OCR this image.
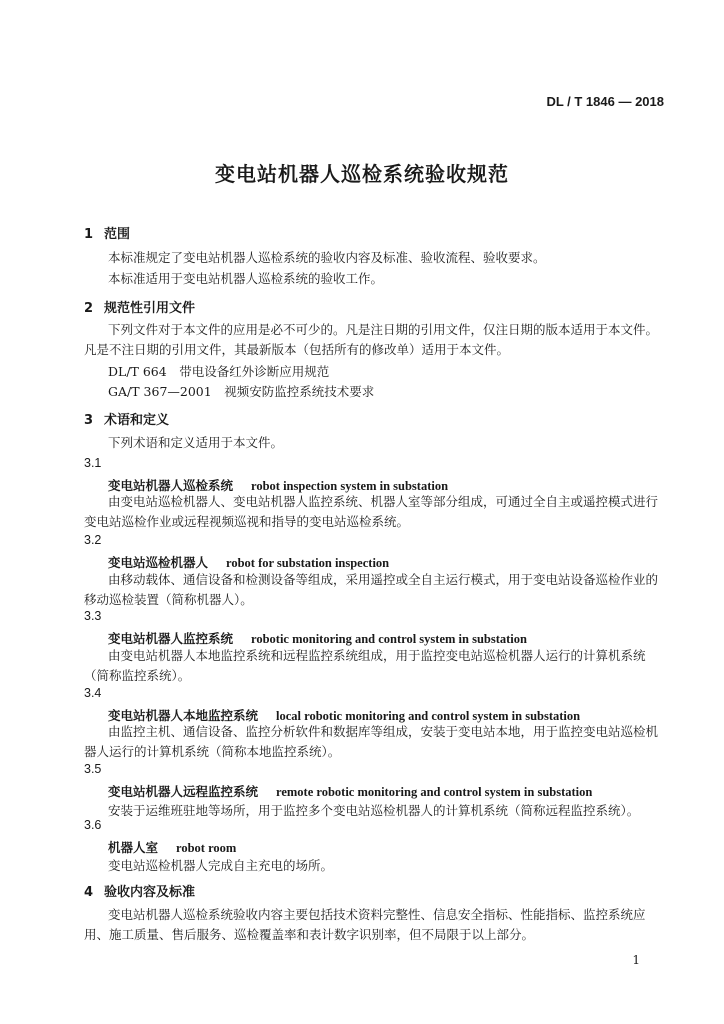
DL / T 1846 — 2018
变电站机器人巡检系统验收规范
1 范围
本标准规定了变电站机器人巡检系统的验收内容及标准、验收流程、验收要求。
本标准适用于变电站机器人巡检系统的验收工作。
2 规范性引用文件
下列文件对于本文件的应用是必不可少的。凡是注日期的引用文件，仅注日期的版本适用于本文件。凡是不注日期的引用文件，其最新版本（包括所有的修改单）适用于本文件。
DL/T 664　带电设备红外诊断应用规范
GA/T 367—2001　视频安防监控系统技术要求
3 术语和定义
下列术语和定义适用于本文件。
3.1
变电站机器人巡检系统 robot inspection system in substation
由变电站巡检机器人、变电站机器人监控系统、机器人室等部分组成，可通过全自主或遥控模式进行变电站巡检作业或远程视频巡视和指导的变电站巡检系统。
3.2
变电站巡检机器人 robot for substation inspection
由移动载体、通信设备和检测设备等组成，采用遥控或全自主运行模式，用于变电站设备巡检作业的移动巡检装置（简称机器人）。
3.3
变电站机器人监控系统 robotic monitoring and control system in substation
由变电站机器人本地监控系统和远程监控系统组成，用于监控变电站巡检机器人运行的计算机系统（简称监控系统）。
3.4
变电站机器人本地监控系统 local robotic monitoring and control system in substation
由监控主机、通信设备、监控分析软件和数据库等组成，安装于变电站本地，用于监控变电站巡检机器人运行的计算机系统（简称本地监控系统）。
3.5
变电站机器人远程监控系统 remote robotic monitoring and control system in substation
安装于运维班驻地等场所，用于监控多个变电站巡检机器人的计算机系统（简称远程监控系统）。
3.6
机器人室 robot room
变电站巡检机器人完成自主充电的场所。
4 验收内容及标准
变电站机器人巡检系统验收内容主要包括技术资料完整性、信息安全指标、性能指标、监控系统应用、施工质量、售后服务、巡检覆盖率和表计数字识别率，但不局限于以上部分。
1
